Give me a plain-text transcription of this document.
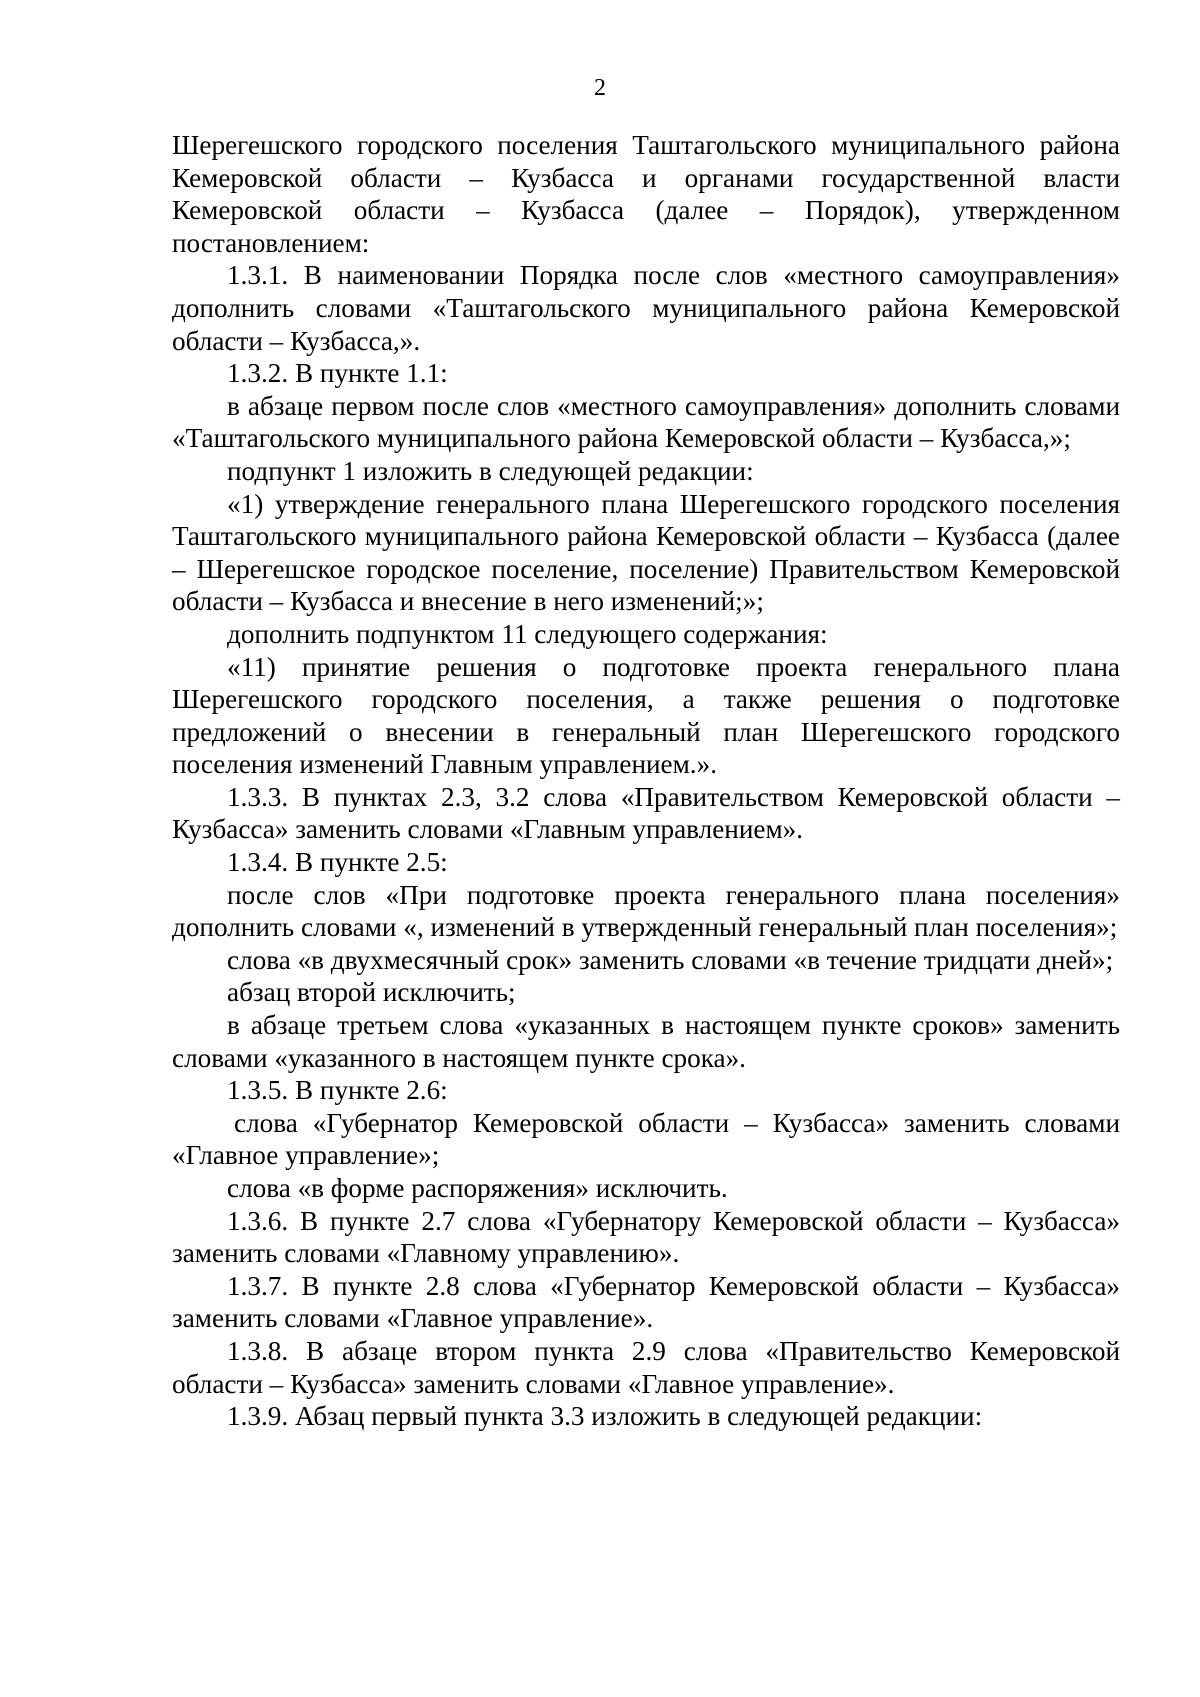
2

Шерегешского городского поселения Таштагольского муниципального района Кемеровской области – Кузбасса и органами государственной власти Кемеровской области – Кузбасса (далее – Порядок), утвержденном постановлением:

1.3.1. В наименовании Порядка после слов «местного самоуправления» дополнить словами «Таштагольского муниципального района Кемеровской области – Кузбасса,».

1.3.2. В пункте 1.1:

в абзаце первом после слов «местного самоуправления» дополнить словами «Таштагольского муниципального района Кемеровской области – Кузбасса,»;

подпункт 1 изложить в следующей редакции:

«1) утверждение генерального плана Шерегешского городского поселения Таштагольского муниципального района Кемеровской области – Кузбасса (далее – Шерегешское городское поселение, поселение) Правительством Кемеровской области – Кузбасса и внесение в него изменений;»;

дополнить подпунктом 11 следующего содержания:

«11) принятие решения о подготовке проекта генерального плана Шерегешского городского поселения, а также решения о подготовке предложений о внесении в генеральный план Шерегешского городского поселения изменений Главным управлением.».

1.3.3. В пунктах 2.3, 3.2 слова «Правительством Кемеровской области – Кузбасса» заменить словами «Главным управлением».

1.3.4. В пункте 2.5:

после слов «При подготовке проекта генерального плана поселения» дополнить словами «, изменений в утвержденный генеральный план поселения»;

слова «в двухмесячный срок» заменить словами «в течение тридцати дней»;

абзац второй исключить;

в абзаце третьем слова «указанных в настоящем пункте сроков» заменить словами «указанного в настоящем пункте срока».

1.3.5. В пункте 2.6:

слова «Губернатор Кемеровской области – Кузбасса» заменить словами «Главное управление»;

слова «в форме распоряжения» исключить.

1.3.6. В пункте 2.7 слова «Губернатору Кемеровской области – Кузбасса» заменить словами «Главному управлению».

1.3.7. В пункте 2.8 слова «Губернатор Кемеровской области – Кузбасса» заменить словами «Главное управление».

1.3.8. В абзаце втором пункта 2.9 слова «Правительство Кемеровской области – Кузбасса» заменить словами «Главное управление».

1.3.9. Абзац первый пункта 3.3 изложить в следующей редакции:
